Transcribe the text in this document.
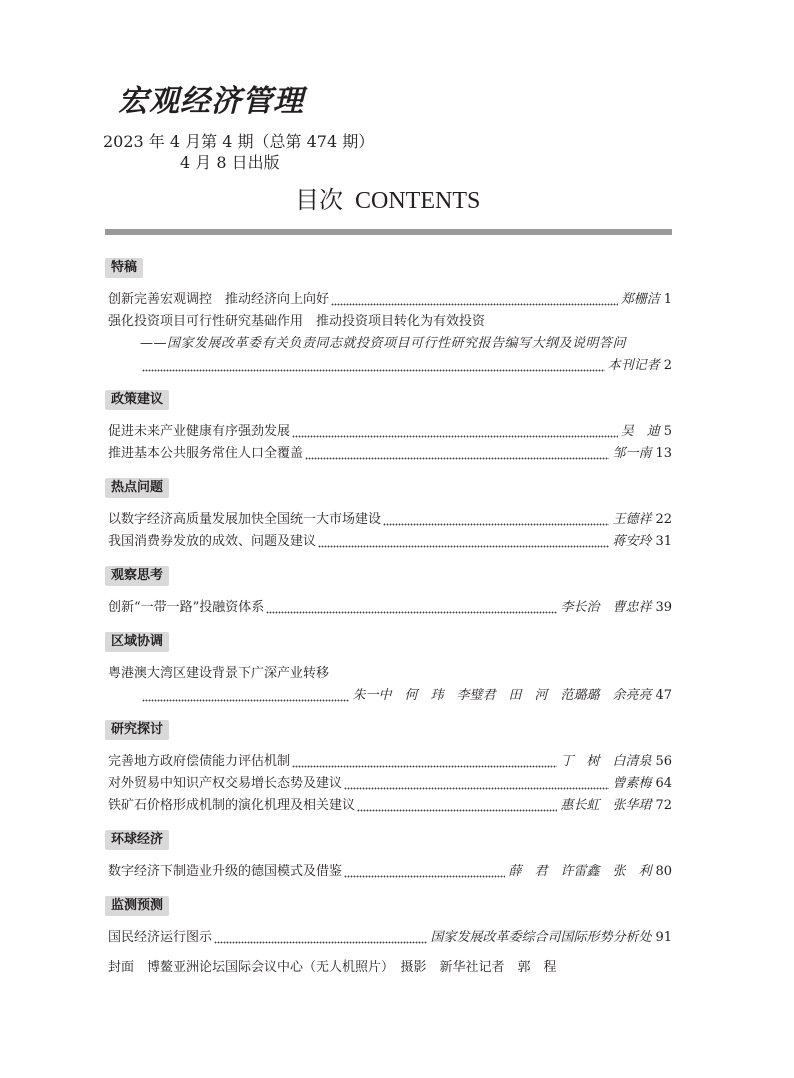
宏观经济管理
2023 年 4 月第 4 期（总第 474 期）
4 月 8 日出版
目次 CONTENTS
特稿
创新完善宏观调控　推动经济向上向好	郑栅洁 1
强化投资项目可行性研究基础作用　推动投资项目转化为有效投资
——国家发展改革委有关负责同志就投资项目可行性研究报告编写大纲及说明答问
本刊记者 2
政策建议
促进未来产业健康有序强劲发展	吴　迪 5
推进基本公共服务常住人口全覆盖	邹一南 13
热点问题
以数字经济高质量发展加快全国统一大市场建设	王德祥 22
我国消费券发放的成效、问题及建议	蒋安玲 31
观察思考
创新“一带一路”投融资体系	李长治　曹忠祥 39
区域协调
粤港澳大湾区建设背景下广深产业转移
朱一中　何　玮　李璧君　田　河　范璐璐　余亮亮 47
研究探讨
完善地方政府偿债能力评估机制	丁　树　白清泉 56
对外贸易中知识产权交易增长态势及建议	曾素梅 64
铁矿石价格形成机制的演化机理及相关建议	惠长虹　张华珺 72
环球经济
数字经济下制造业升级的德国模式及借鉴	薛　君　许雷鑫　张　利 80
监测预测
国民经济运行图示	国家发展改革委综合司国际形势分析处 91
封面　博鳌亚洲论坛国际会议中心（无人机照片）　摄影　新华社记者　郭　程
